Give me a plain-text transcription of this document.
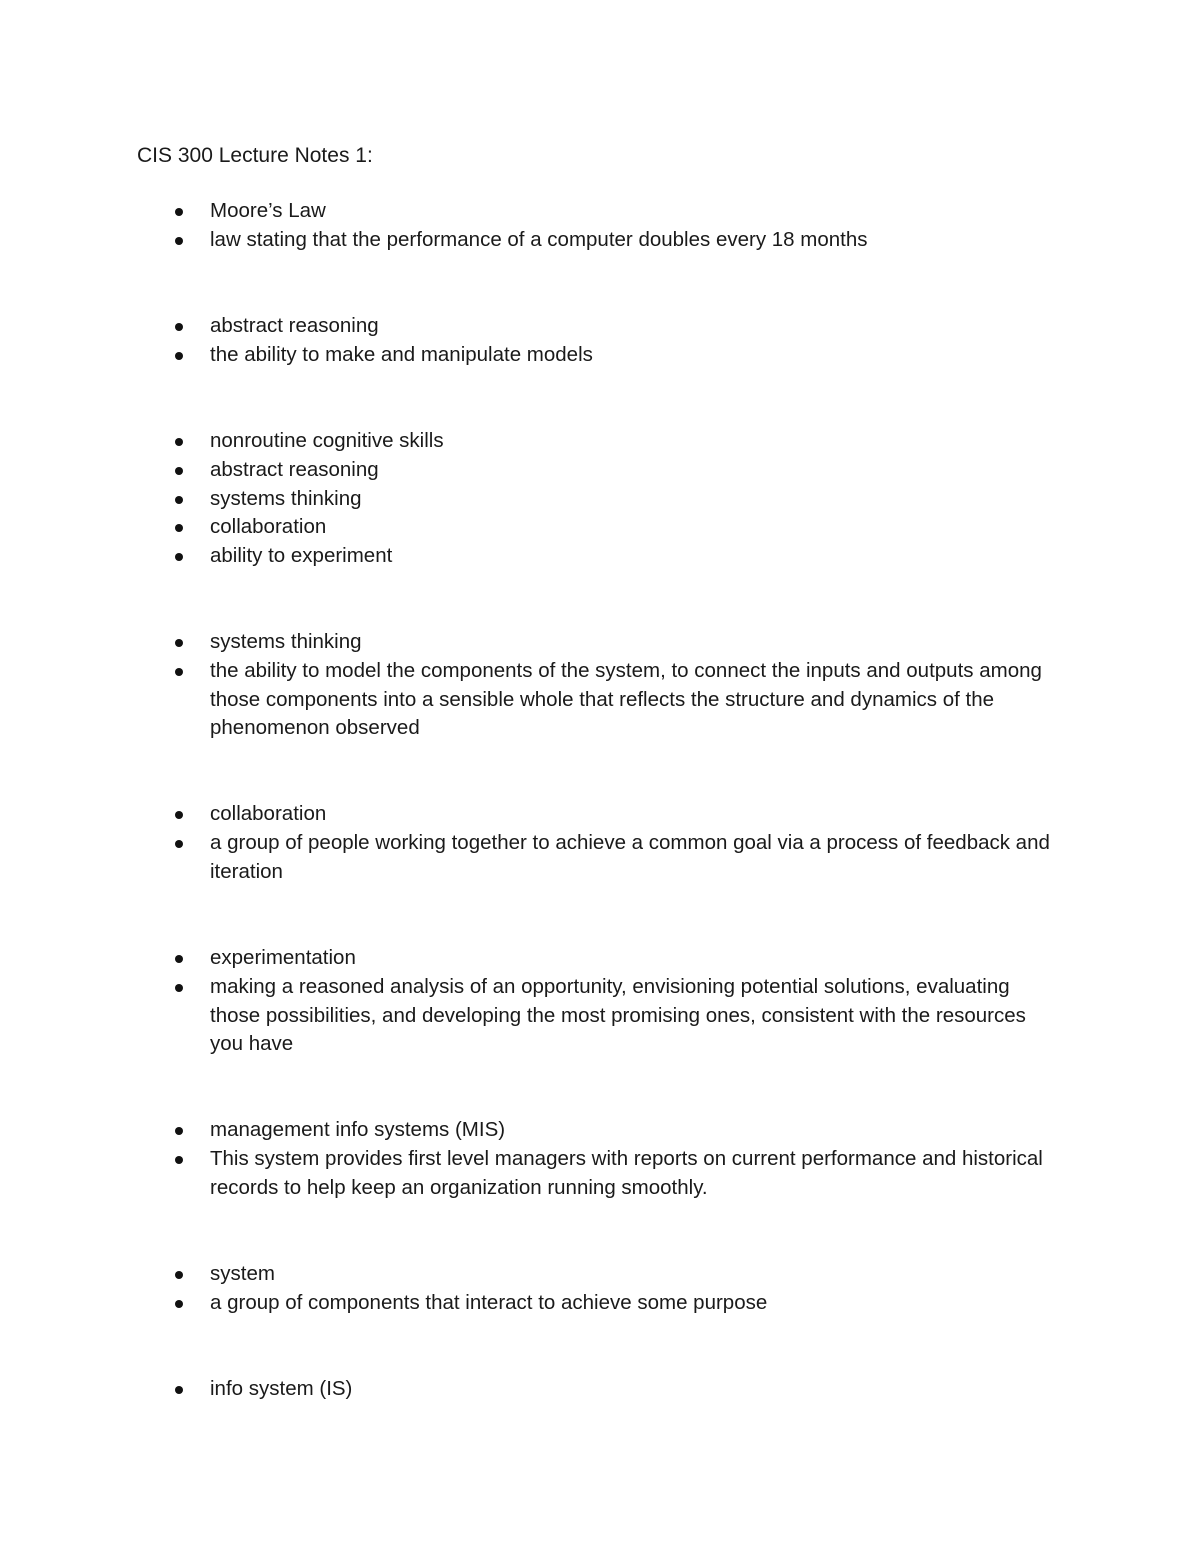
CIS 300 Lecture Notes 1:
Moore’s Law
law stating that the performance of a computer doubles every 18 months
abstract reasoning
the ability to make and manipulate models
nonroutine cognitive skills
abstract reasoning
systems thinking
collaboration
ability to experiment
systems thinking
the ability to model the components of the system, to connect the inputs and outputs among those components into a sensible whole that reflects the structure and dynamics of the phenomenon observed
collaboration
a group of people working together to achieve a common goal via a process of feedback and iteration
experimentation
making a reasoned analysis of an opportunity, envisioning potential solutions, evaluating those possibilities, and developing the most promising ones, consistent with the resources you have
management info systems (MIS)
This system provides first level managers with reports on current performance and historical records to help keep an organization running smoothly.
system
a group of components that interact to achieve some purpose
info system (IS)
